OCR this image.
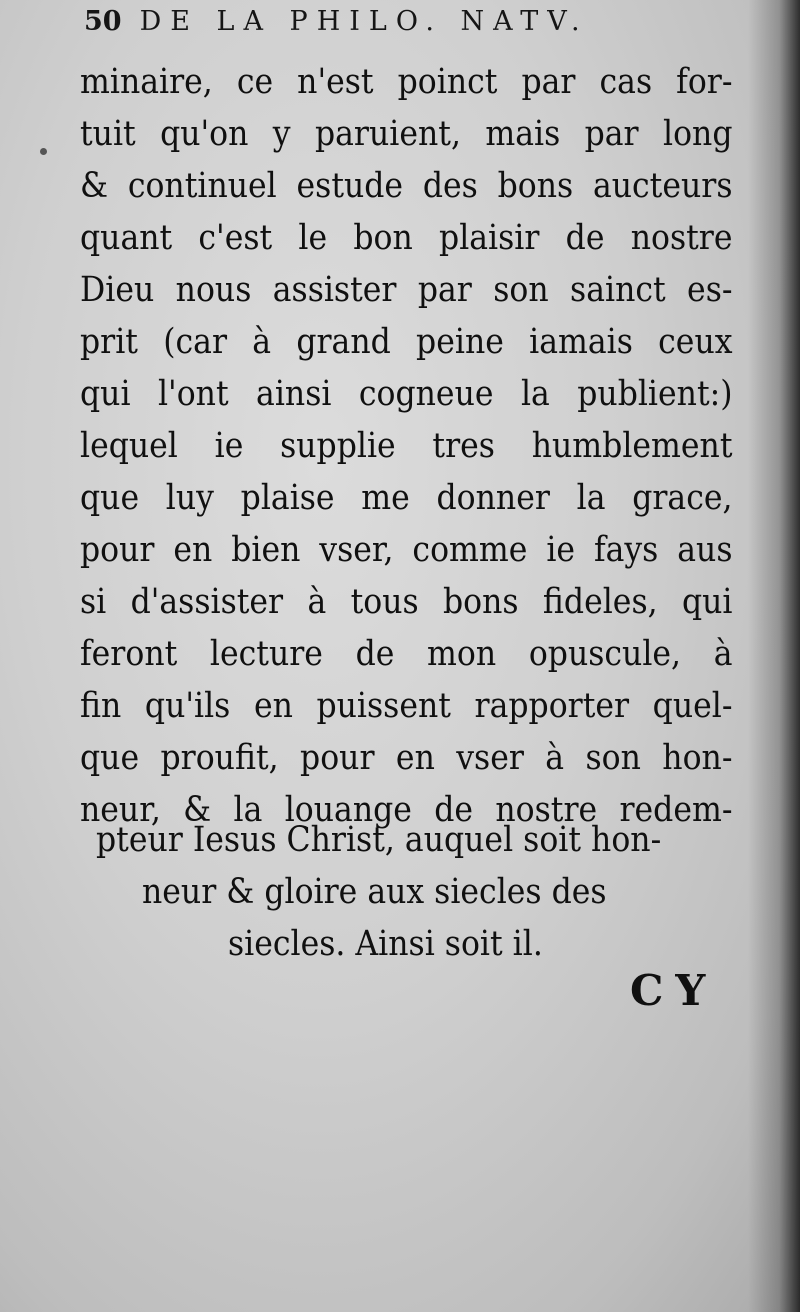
50 DE LA PHILO. NATV.
minaire, ce n'est poinct par cas for-
tuit qu'on y paruient, mais par long
& continuel estude des bons aucteurs
quant c'est le bon plaisir de nostre
Dieu nous assister par son sainct es-
prit (car à grand peine iamais ceux
qui l'ont ainsi cogneue la publient:)
lequel ie supplie tres humblement
que luy plaise me donner la grace,
pour en bien vser, comme ie fays aus
si d'assister à tous bons fideles, qui
feront lecture de mon opuscule, à
fin qu'ils en puissent rapporter quel-
que proufit, pour en vser à son hon-
neur, & la louange de nostre redem-
pteur Iesus Christ, auquel soit hon-
neur & gloire aux siecles des
siecles. Ainsi soit il.
CY
